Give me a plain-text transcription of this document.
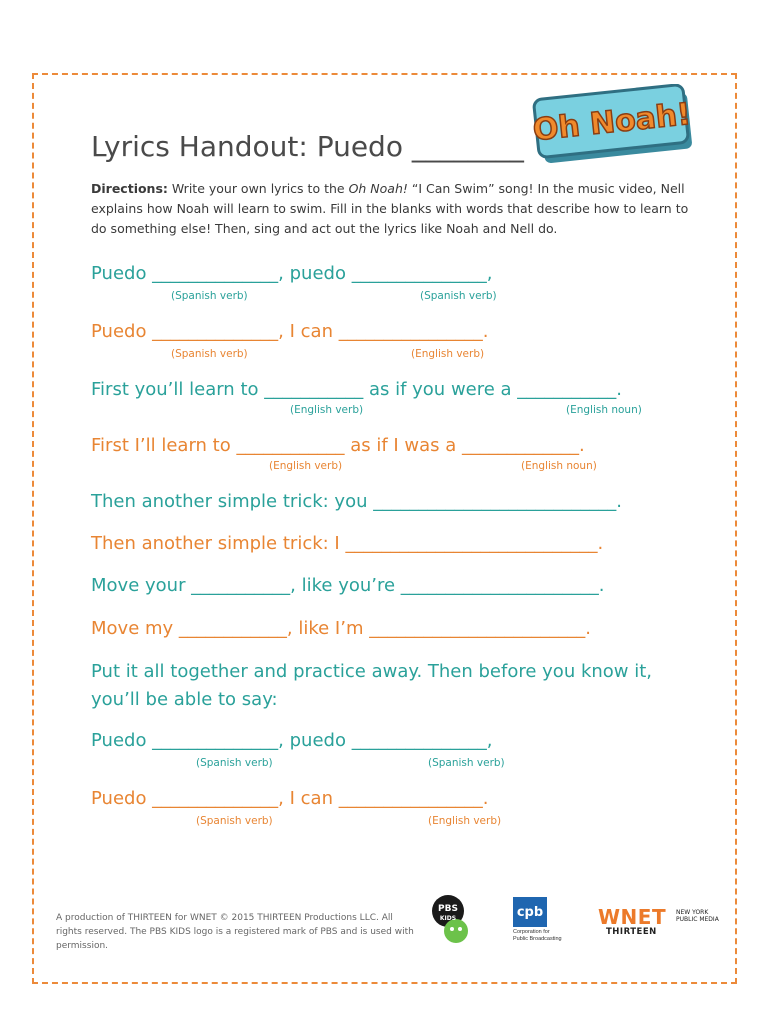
Lyrics Handout: Puedo ________ Oh Noah!
Directions: Write your own lyrics to the Oh Noah! “I Can Swim” song! In the music video, Nell explains how Noah will learn to swim. Fill in the blanks with words that describe how to learn to do something else! Then, sing and act out the lyrics like Noah and Nell do.
Puedo ______________, puedo _______________,
(Spanish verb)	(Spanish verb)
Puedo ______________, I can ________________.
(Spanish verb)	(English verb)
First you’ll learn to ___________ as if you were a ___________.
(English verb)	(English noun)
First I’ll learn to ____________ as if I was a _____________.
(English verb)	(English noun)
Then another simple trick: you ___________________________.
Then another simple trick: I ____________________________.
Move your ___________, like you’re ______________________.
Move my ____________, like I’m ________________________.
Put it all together and practice away. Then before you know it, you’ll be able to say:
Puedo ______________, puedo _______________,
(Spanish verb)	(Spanish verb)
Puedo ______________, I can ________________.
(Spanish verb)	(English verb)
A production of THIRTEEN for WNET © 2015 THIRTEEN Productions LLC. All rights reserved. The PBS KIDS logo is a registered mark of PBS and is used with permission.
PBS
KIDS	cpb
Corporation for Public Broadcasting
WNET NEW YORK PUBLIC MEDIA
THIRTEEN
